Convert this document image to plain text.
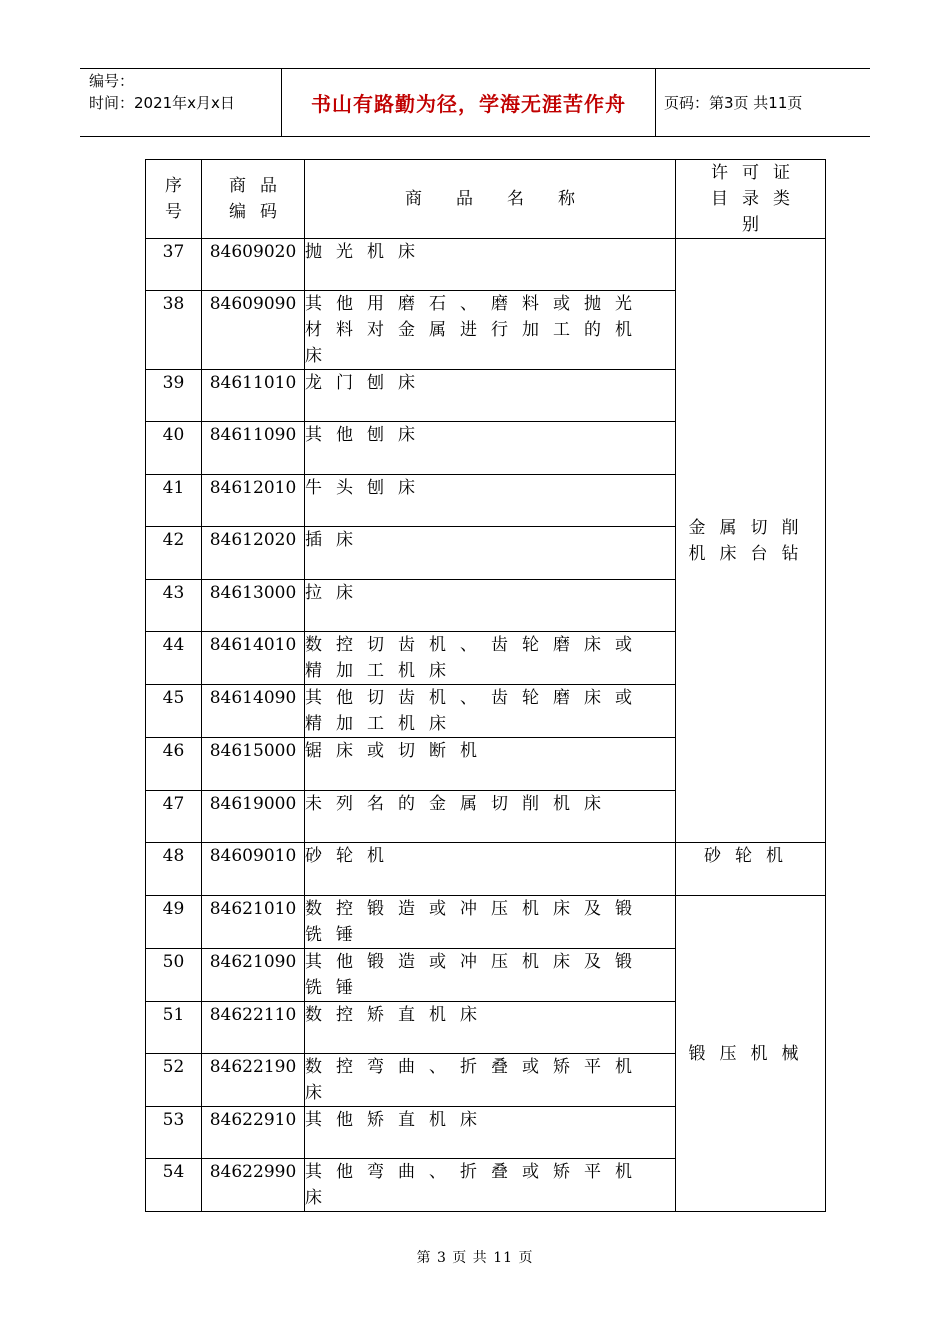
编号：
时间：2021年x月x日	书山有路勤为径，学海无涯苦作舟	页码：第3页 共11页
序号	商品编码	商品名称	许可证目录类别

37	84609020	抛光机床	金属切削机床台钻
38	84609090	其他用磨石、磨料或抛光材料对金属进行加工的机床	
39	84611010	龙门刨床	
40	84611090	其他刨床	
41	84612010	牛头刨床	
42	84612020	插床	
43	84613000	拉床	
44	84614010	数控切齿机、齿轮磨床或精加工机床	
45	84614090	其他切齿机、齿轮磨床或精加工机床	
46	84615000	锯床或切断机	
47	84619000	未列名的金属切削机床	
48	84609010	砂轮机	砂轮机
49	84621010	数控锻造或冲压机床及锻铣锤	锻压机械
50	84621090	其他锻造或冲压机床及锻铣锤	
51	84622110	数控矫直机床	
52	84622190	数控弯曲、折叠或矫平机床	
53	84622910	其他矫直机床	
54	84622990	其他弯曲、折叠或矫平机床	
第 3 页 共 11 页
